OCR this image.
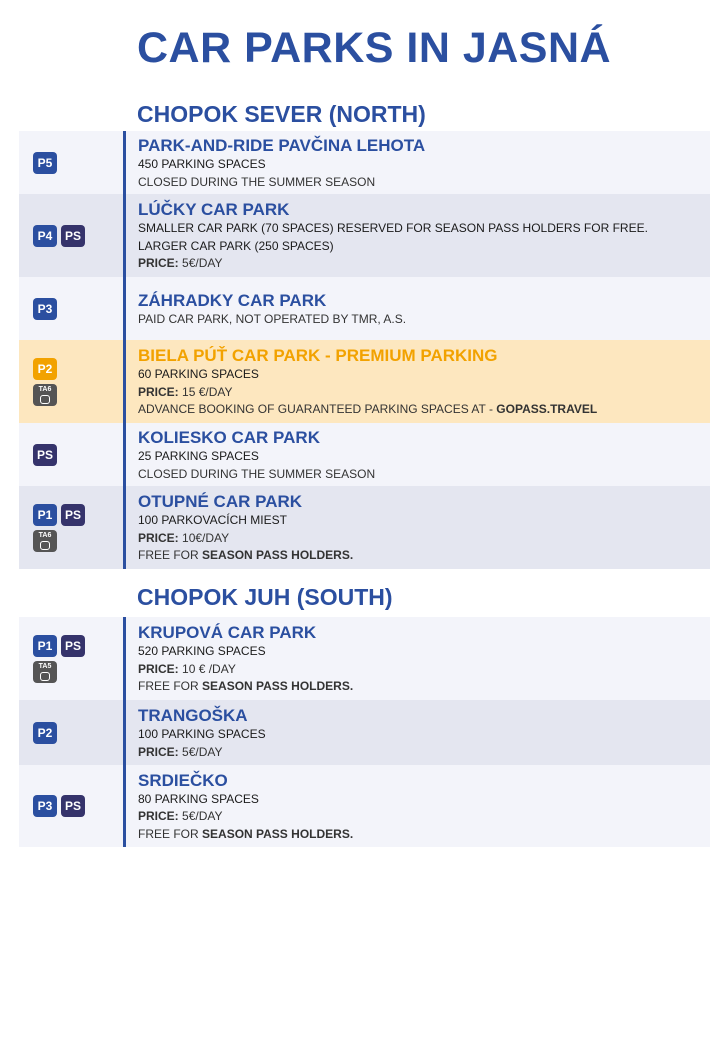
CAR PARKS IN JASNÁ
CHOPOK SEVER (NORTH)
P5
PARK-AND-RIDE PAVČINA LEHOTA
450 PARKING SPACES
CLOSED DURING THE SUMMER SEASON
P4	PS
LÚČKY CAR PARK
SMALLER CAR PARK (70 SPACES) RESERVED FOR SEASON PASS HOLDERS FOR FREE.
LARGER CAR PARK (250 SPACES)
PRICE: 5€/DAY
P3	ZÁHRADKY CAR PARK
PAID CAR PARK, NOT OPERATED BY TMR, A.S.
P2
TA6
BIELA PÚŤ CAR PARK - PREMIUM PARKING
60 PARKING SPACES
PRICE: 15 €/DAY
ADVANCE BOOKING OF GUARANTEED PARKING SPACES AT - GOPASS.TRAVEL
PS
KOLIESKO CAR PARK
25 PARKING SPACES
CLOSED DURING THE SUMMER SEASON
P1	PS
TA6
OTUPNÉ CAR PARK
100 PARKOVACÍCH MIEST
PRICE: 10€/DAY
FREE FOR SEASON PASS HOLDERS.
CHOPOK JUH (SOUTH)
P1	PS
TA5
KRUPOVÁ CAR PARK
520 PARKING SPACES
PRICE: 10 € /DAY
FREE FOR SEASON PASS HOLDERS.
P2
TRANGOŠKA
100 PARKING SPACES
PRICE: 5€/DAY
P3	PS
SRDIEČKO
80 PARKING SPACES
PRICE: 5€/DAY
FREE FOR SEASON PASS HOLDERS.
